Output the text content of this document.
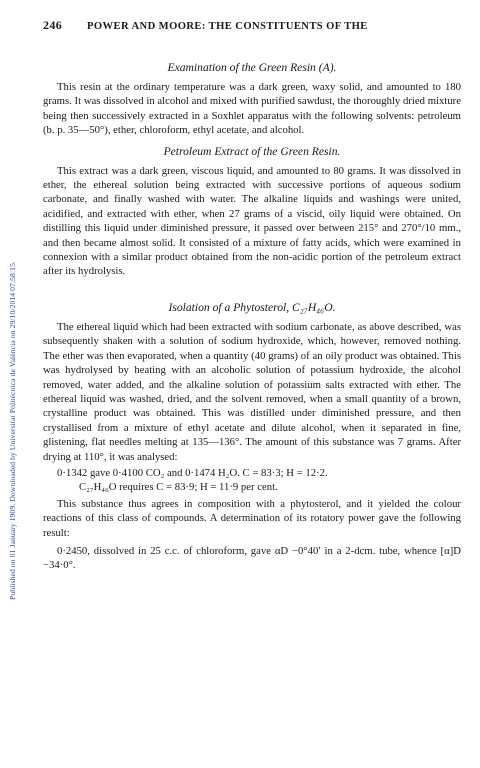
Published on 01 January 1909. Downloaded by Universitat Politècnica de València on 29/10/2014 07:58:15.
246	POWER AND MOORE: THE CONSTITUENTS OF THE
Examination of the Green Resin (A).

This resin at the ordinary temperature was a dark green, waxy solid, and amounted to 180 grams. It was dissolved in alcohol and mixed with purified sawdust, the thoroughly dried mixture being then successively extracted in a Soxhlet apparatus with the following solvents: petroleum (b. p. 35—50°), ether, chloroform, ethyl acetate, and alcohol.

Petroleum Extract of the Green Resin.

This extract was a dark green, viscous liquid, and amounted to 80 grams. It was dissolved in ether, the ethereal solution being extracted with successive portions of aqueous sodium carbonate, and finally washed with water. The alkaline liquids and washings were united, acidified, and extracted with ether, when 27 grams of a viscid, oily liquid were obtained. On distilling this liquid under diminished pressure, it passed over between 215° and 270°/10 mm., and then became almost solid. It consisted of a mixture of fatty acids, which were examined in connexion with a similar product obtained from the non-acidic portion of the petroleum extract after its hydrolysis.

Isolation of a Phytosterol, C₂₇H₄₆O.

The ethereal liquid which had been extracted with sodium carbonate, as above described, was subsequently shaken with a solution of sodium hydroxide, which, however, removed nothing. The ether was then evaporated, when a quantity (40 grams) of an oily product was obtained. This was hydrolysed by heating with an alcoholic solution of potassium hydroxide, the alcohol removed, water added, and the alkaline solution of potassium salts extracted with ether. The ethereal liquid was washed, dried, and the solvent removed, when a small quantity of a brown, crystalline product was obtained. This was distilled under diminished pressure, and then crystallised from a mixture of ethyl acetate and dilute alcohol, when it separated in fine, glistening, flat needles melting at 135—136°. The amount of this substance was 7 grams. After drying at 110°, it was analysed:

0·1342 gave 0·4100 CO₂ and 0·1474 H₂O. C = 83·3; H = 12·2.
C₂₇H₄₆O requires C = 83·9; H = 11·9 per cent.

This substance thus agrees in composition with a phytosterol, and it yielded the colour reactions of this class of compounds. A determination of its rotatory power gave the following result:

0·2450, dissolved in 25 c.c. of chloroform, gave αD −0°40′ in a 2-dcm. tube, whence [α]D −34·0°.
